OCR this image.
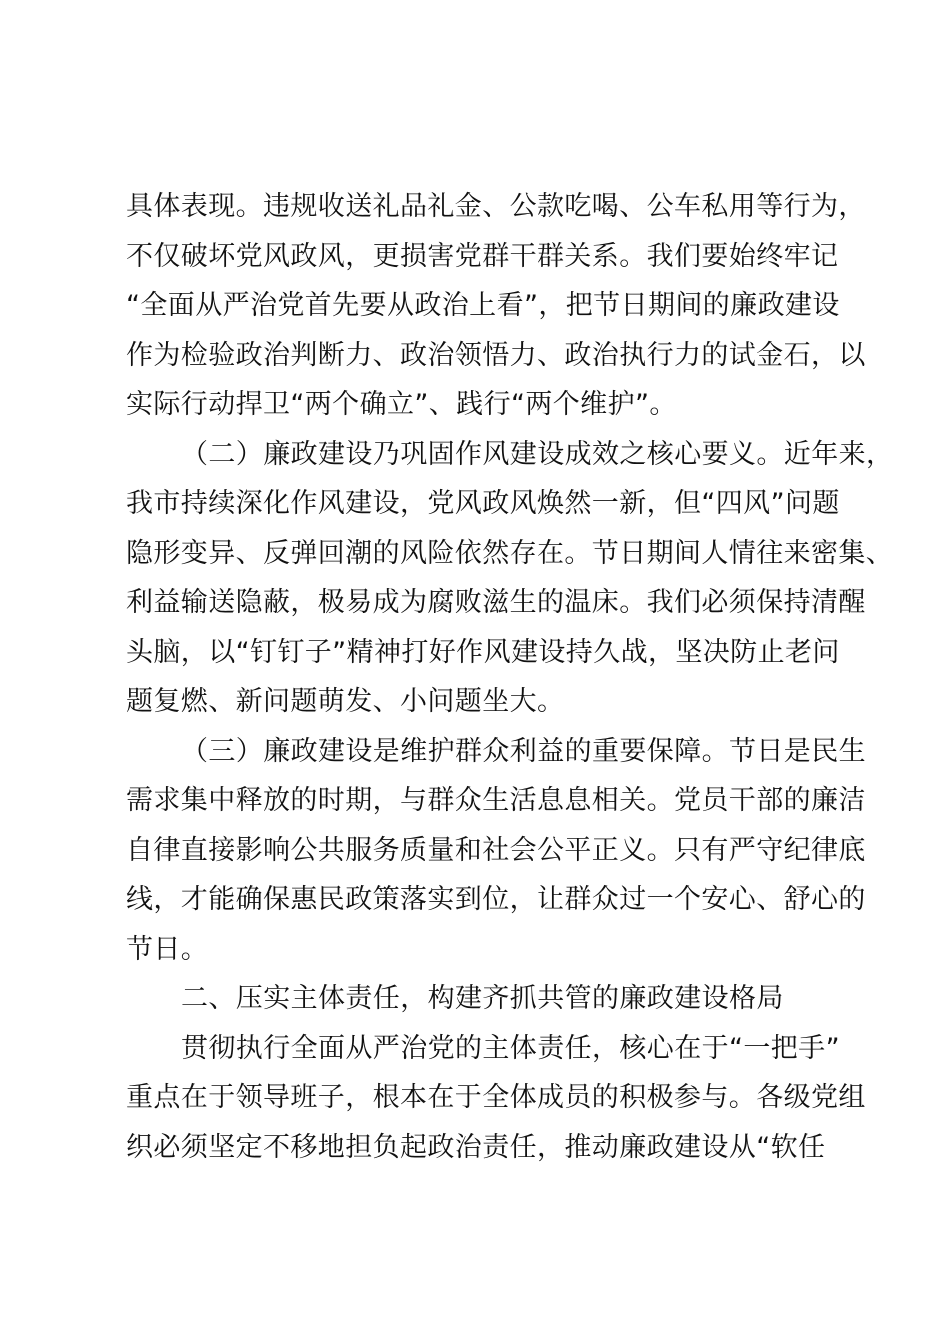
具体表现。违规收送礼品礼金、公款吃喝、公车私用等行为，
不仅破坏党风政风，更损害党群干群关系。我们要始终牢记
“全面从严治党首先要从政治上看”，把节日期间的廉政建设
作为检验政治判断力、政治领悟力、政治执行力的试金石，以
实际行动捍卫“两个确立”、践行“两个维护”。
（二）廉政建设乃巩固作风建设成效之核心要义。近年来，
我市持续深化作风建设，党风政风焕然一新，但“四风”问题
隐形变异、反弹回潮的风险依然存在。节日期间人情往来密集、
利益输送隐蔽，极易成为腐败滋生的温床。我们必须保持清醒
头脑，以“钉钉子”精神打好作风建设持久战，坚决防止老问
题复燃、新问题萌发、小问题坐大。
（三）廉政建设是维护群众利益的重要保障。节日是民生
需求集中释放的时期，与群众生活息息相关。党员干部的廉洁
自律直接影响公共服务质量和社会公平正义。只有严守纪律底
线，才能确保惠民政策落实到位，让群众过一个安心、舒心的
节日。
二、压实主体责任，构建齐抓共管的廉政建设格局
贯彻执行全面从严治党的主体责任，核心在于“一把手”
重点在于领导班子，根本在于全体成员的积极参与。各级党组
织必须坚定不移地担负起政治责任，推动廉政建设从“软任
